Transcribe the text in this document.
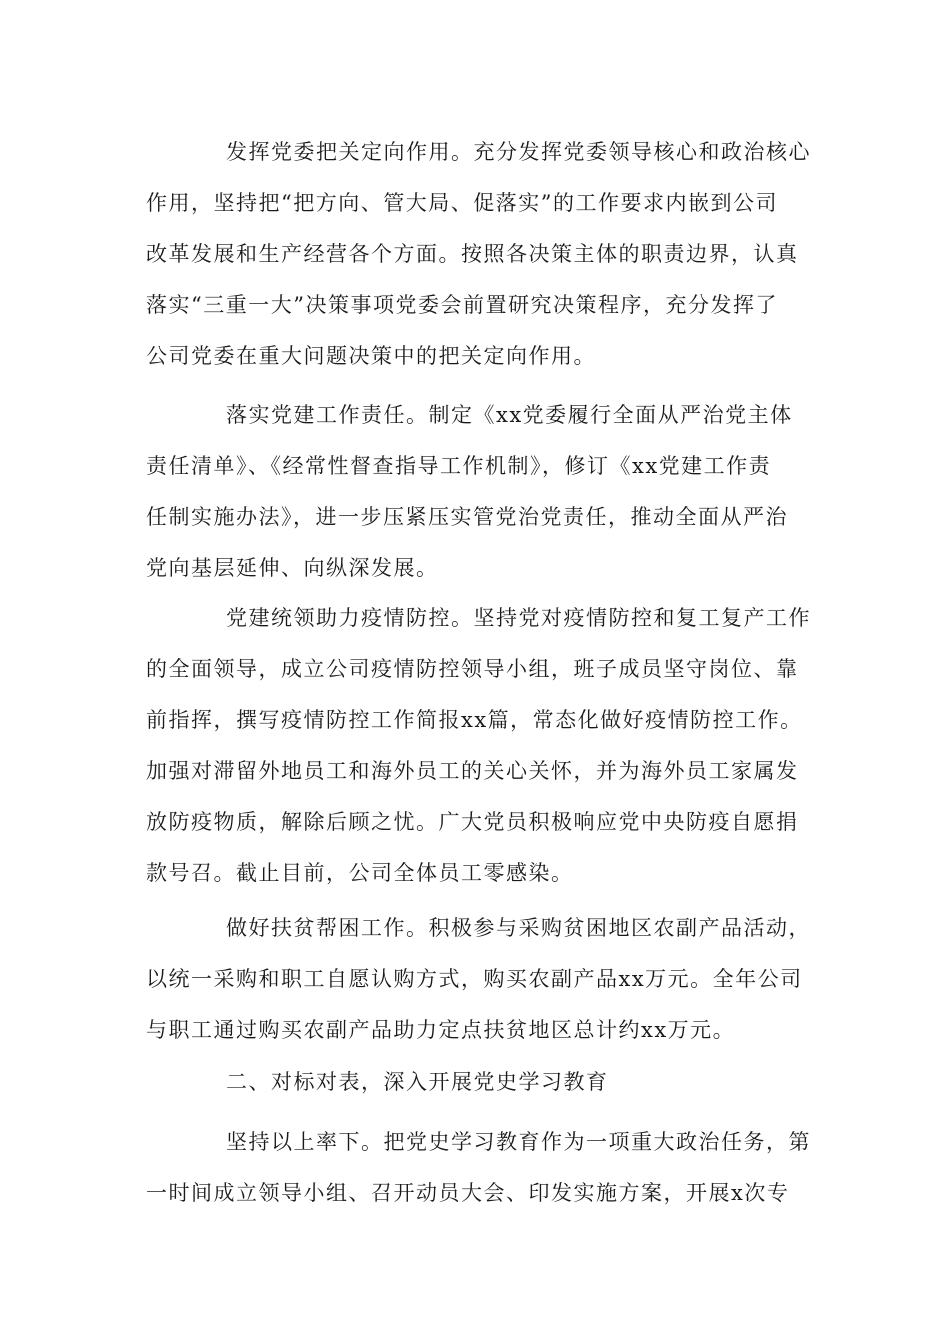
发挥党委把关定向作用。充分发挥党委领导核心和政治核心
作用，坚持把“把方向、管大局、促落实”的工作要求内嵌到公司
改革发展和生产经营各个方面。按照各决策主体的职责边界，认真
落实“三重一大”决策事项党委会前置研究决策程序，充分发挥了
公司党委在重大问题决策中的把关定向作用。
落实党建工作责任。制定《xx党委履行全面从严治党主体
责任清单》、《经常性督查指导工作机制》，修订《xx党建工作责
任制实施办法》，进一步压紧压实管党治党责任，推动全面从严治
党向基层延伸、向纵深发展。
党建统领助力疫情防控。坚持党对疫情防控和复工复产工作
的全面领导，成立公司疫情防控领导小组，班子成员坚守岗位、靠
前指挥，撰写疫情防控工作简报xx篇，常态化做好疫情防控工作。
加强对滞留外地员工和海外员工的关心关怀，并为海外员工家属发
放防疫物质，解除后顾之忧。广大党员积极响应党中央防疫自愿捐
款号召。截止目前，公司全体员工零感染。
做好扶贫帮困工作。积极参与采购贫困地区农副产品活动，
以统一采购和职工自愿认购方式，购买农副产品xx万元。全年公司
与职工通过购买农副产品助力定点扶贫地区总计约xx万元。
二、对标对表，深入开展党史学习教育
坚持以上率下。把党史学习教育作为一项重大政治任务，第
一时间成立领导小组、召开动员大会、印发实施方案，开展x次专
